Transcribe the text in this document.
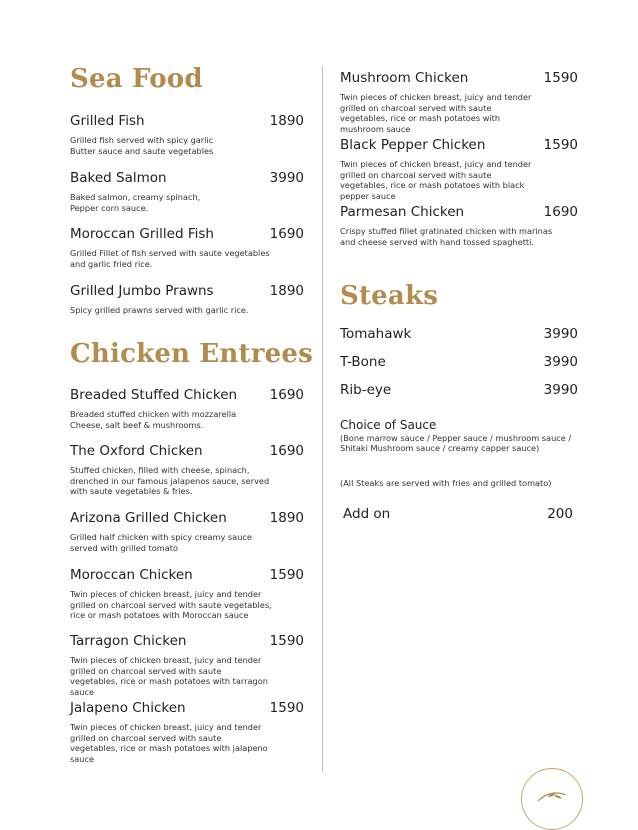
Sea Food
Grilled Fish	1890
Grilled fish served with spicy garlic Butter sauce and saute vegetables
Baked Salmon	3990
Baked salmon, creamy spinach, Pepper corn sauce.
Moroccan Grilled Fish	1690
Grilled Fillet of fish served with saute vegetables and garlic fried rice.
Grilled Jumbo Prawns	1890
Spicy grilled prawns served with garlic rice.
Chicken Entrees
Breaded Stuffed Chicken 1690
Breaded stuffed chicken with mozzarella Cheese, salt beef & mushrooms.
The Oxford Chicken	1690
Stuffed chicken, filled with cheese, spinach, drenched in our famous jalapenos sauce, served with saute vegetables & fries.
Arizona Grilled Chicken	1890
Grilled half chicken with spicy creamy sauce served with grilled tomato
Moroccan Chicken	1590
Twin pieces of chicken breast, juicy and tender grilled on charcoal served with saute vegetables, rice or mash potatoes with Moroccan sauce
Tarragon Chicken	1590
Twin pieces of chicken breast, juicy and tender grilled on charcoal served with saute vegetables, rice or mash potatoes with tarragon sauce
Jalapeno Chicken	1590
Twin pieces of chicken breast, juicy and tender grilled on charcoal served with saute vegetables, rice or mash potatoes with jalapeno sauce
Mushroom Chicken	1590
Twin pieces of chicken breast, juicy and tender grilled on charcoal served with saute vegetables, rice or mash potatoes with mushroom sauce
Black Pepper Chicken	1590
Twin pieces of chicken breast, juicy and tender grilled on charcoal served with saute vegetables, rice or mash potatoes with black pepper sauce
Parmesan Chicken	1690
Crispy stuffed fillet gratinated chicken with marinas and cheese served with hand tossed spaghetti.
Steaks
Tomahawk	3990
T-Bone	3990
Rib-eye	3990
Choice of Sauce
(Bone marrow sauce / Pepper sauce / mushroom sauce / Shitaki Mushroom sauce / creamy capper sauce)
(All Steaks are served with fries and grilled tomato)
Add on	200
